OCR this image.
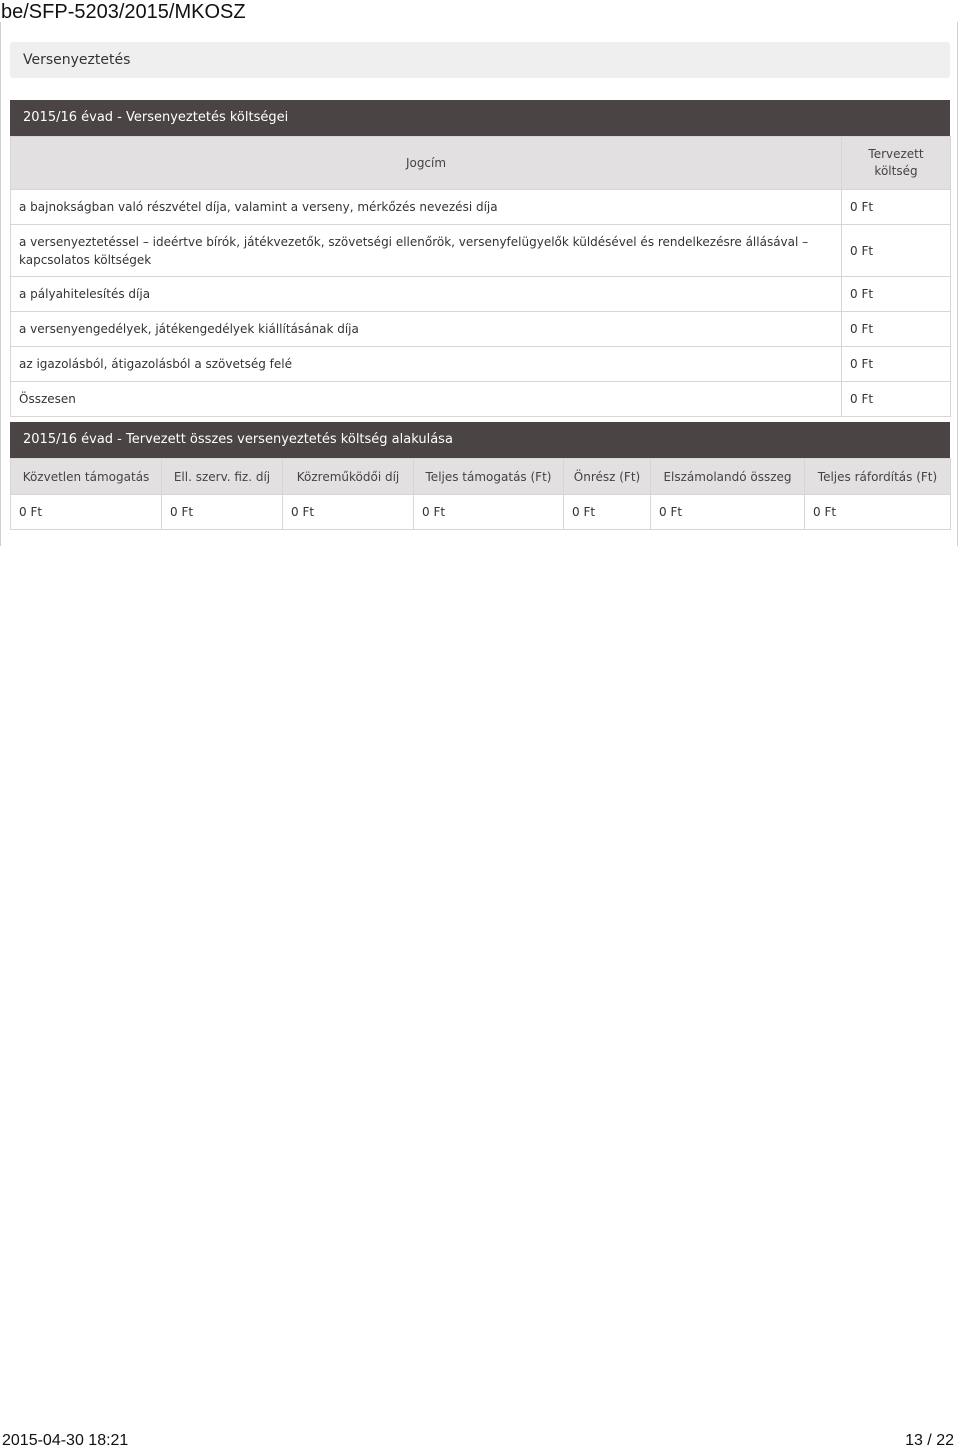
be/SFP-5203/2015/MKOSZ
Versenyeztetés
2015/16 évad - Versenyeztetés költségei
Jogcím	Tervezett költség
a bajnokságban való részvétel díja, valamint a verseny, mérkőzés nevezési díja	0 Ft
a versenyeztetéssel – ideértve bírók, játékvezetők, szövetségi ellenőrök, versenyfelügyelők küldésével és rendelkezésre állásával – kapcsolatos költségek	0 Ft
a pályahitelesítés díja	0 Ft
a versenyengedélyek, játékengedélyek kiállításának díja	0 Ft
az igazolásból, átigazolásból a szövetség felé	0 Ft
Összesen	0 Ft
2015/16 évad - Tervezett összes versenyeztetés költség alakulása
Közvetlen támogatás	Ell. szerv. fiz. díj	Közreműködői díj	Teljes támogatás (Ft)	Önrész (Ft)	Elszámolandó összeg	Teljes ráfordítás (Ft)
0 Ft	0 Ft	0 Ft	0 Ft	0 Ft	0 Ft	0 Ft
2015-04-30 18:21	13 / 22
